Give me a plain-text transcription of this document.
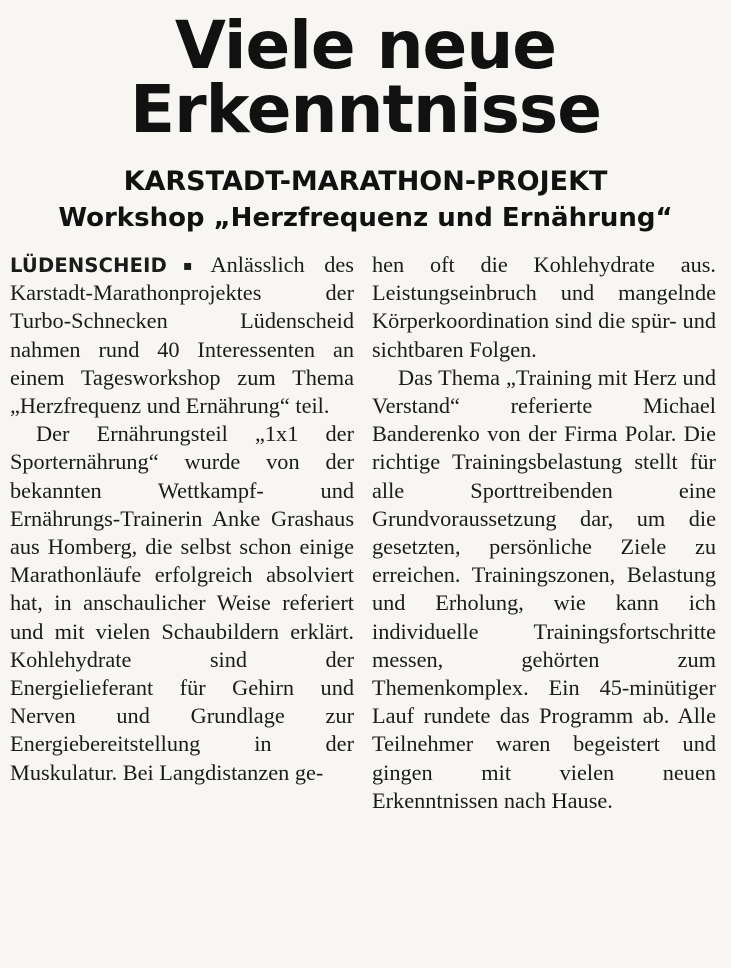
Viele neue
Erkenntnisse
KARSTADT-MARATHON-PROJEKT
Workshop „Herzfrequenz und Ernährung“

LÜDENSCHEID ▪ Anlässlich des Karstadt-Marathonprojektes der Turbo-Schnecken Lüdenscheid nahmen rund 40 Interessenten an einem Tagesworkshop zum Thema „Herzfrequenz und Ernährung“ teil.

Der Ernährungsteil „1x1 der Sporternährung“ wurde von der bekannten Wettkampf- und Ernährungs-Trainerin Anke Grashaus aus Homberg, die selbst schon einige Marathonläufe erfolgreich absolviert hat, in anschaulicher Weise referiert und mit vielen Schaubildern erklärt. Kohlehydrate sind der Energielieferant für Gehirn und Nerven und Grundlage zur Energiebereitstellung in der Muskulatur. Bei Langdistanzen ge-

hen oft die Kohlehydrate aus. Leistungseinbruch und mangelnde Körperkoordination sind die spür- und sichtbaren Folgen.

Das Thema „Training mit Herz und Verstand“ referierte Michael Banderenko von der Firma Polar. Die richtige Trainingsbelastung stellt für alle Sporttreibenden eine Grundvoraussetzung dar, um die gesetzten, persönliche Ziele zu erreichen. Trainingszonen, Belastung und Erholung, wie kann ich individuelle Trainingsfortschritte messen, gehörten zum Themenkomplex. Ein 45-minütiger Lauf rundete das Programm ab. Alle Teilnehmer waren begeistert und gingen mit vielen neuen Erkenntnissen nach Hause.
